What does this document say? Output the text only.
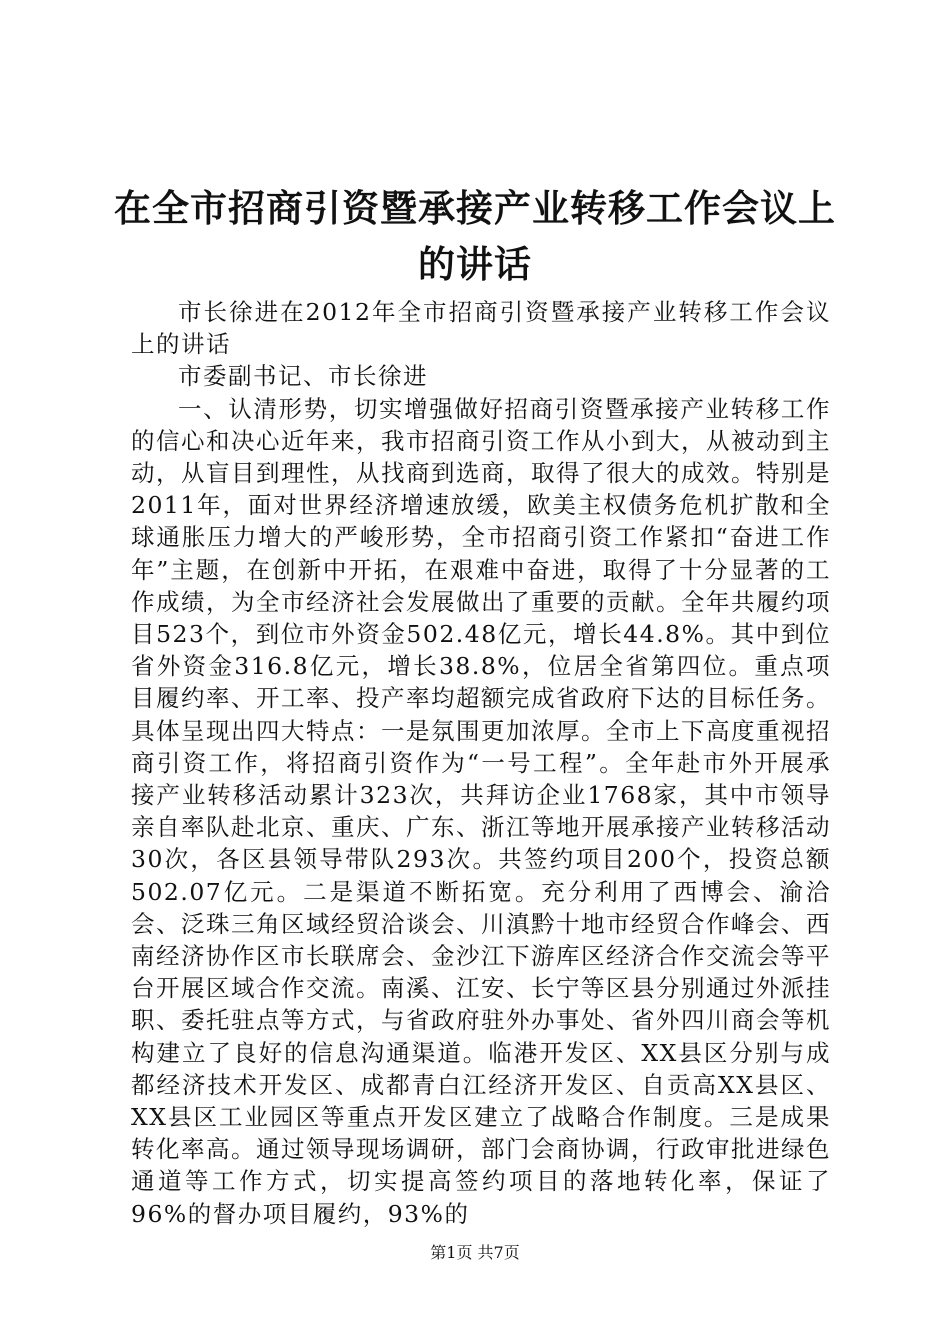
在全市招商引资暨承接产业转移工作会议上的讲话

市长徐进在2012年全市招商引资暨承接产业转移工作会议上的讲话

市委副书记、市长徐进

一、认清形势，切实增强做好招商引资暨承接产业转移工作的信心和决心近年来，我市招商引资工作从小到大，从被动到主动，从盲目到理性，从找商到选商，取得了很大的成效。特别是2011年，面对世界经济增速放缓，欧美主权债务危机扩散和全球通胀压力增大的严峻形势，全市招商引资工作紧扣“奋进工作年”主题，在创新中开拓，在艰难中奋进，取得了十分显著的工作成绩，为全市经济社会发展做出了重要的贡献。全年共履约项目523个，到位市外资金502.48亿元，增长44.8%。其中到位省外资金316.8亿元，增长38.8%，位居全省第四位。重点项目履约率、开工率、投产率均超额完成省政府下达的目标任务。具体呈现出四大特点：一是氛围更加浓厚。全市上下高度重视招商引资工作，将招商引资作为“一号工程”。全年赴市外开展承接产业转移活动累计323次，共拜访企业1768家，其中市领导亲自率队赴北京、重庆、广东、浙江等地开展承接产业转移活动30次，各区县领导带队293次。共签约项目200个，投资总额502.07亿元。二是渠道不断拓宽。充分利用了西博会、渝洽会、泛珠三角区域经贸洽谈会、川滇黔十地市经贸合作峰会、西南经济协作区市长联席会、金沙江下游库区经济合作交流会等平台开展区域合作交流。南溪、江安、长宁等区县分别通过外派挂职、委托驻点等方式，与省政府驻外办事处、省外四川商会等机构建立了良好的信息沟通渠道。临港开发区、XX县区分别与成都经济技术开发区、成都青白江经济开发区、自贡高XX县区、XX县区工业园区等重点开发区建立了战略合作制度。三是成果转化率高。通过领导现场调研，部门会商协调，行政审批进绿色通道等工作方式，切实提高签约项目的落地转化率，保证了96%的督办项目履约，93%的

第1页 共7页
